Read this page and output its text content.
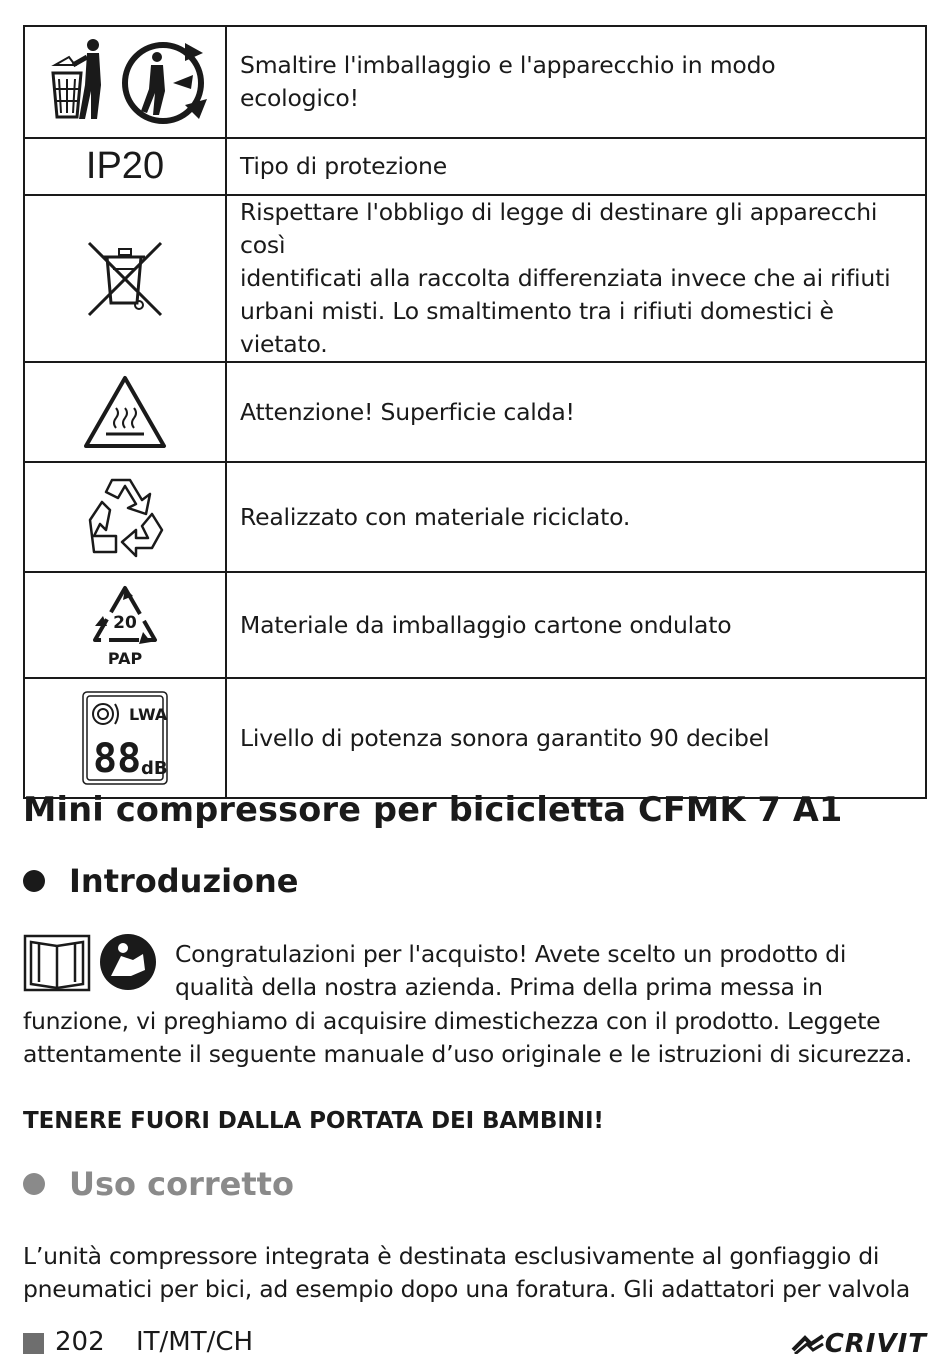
Smaltire l'imballaggio e l'apparecchio in modo
ecologico!

IP20	Tipo di protezione

Rispettare l'obbligo di legge di destinare gli apparecchi così
identificati alla raccolta differenziata invece che ai rifiuti
urbani misti. Lo smaltimento tra i rifiuti domestici è vietato.

Attenzione! Superficie calda!

Realizzato con materiale riciclato.

20
PAP	Materiale da imballaggio cartone ondulato

LWA
88 dB	Livello di potenza sonora garantito 90 decibel
Mini compressore per bicicletta CFMK 7 A1
Introduzione
Congratulazioni per l'acquisto! Avete scelto un prodotto di
qualità della nostra azienda. Prima della prima messa in
funzione, vi preghiamo di acquisire dimestichezza con il prodotto. Leggete
attentamente il seguente manuale d’uso originale e le istruzioni di sicurezza.
TENERE FUORI DALLA PORTATA DEI BAMBINI!
Uso corretto
L’unità compressore integrata è destinata esclusivamente al gonfiaggio di
pneumatici per bici, ad esempio dopo una foratura. Gli adattatori per valvola
202 IT/MT/CH	CRIVIT
